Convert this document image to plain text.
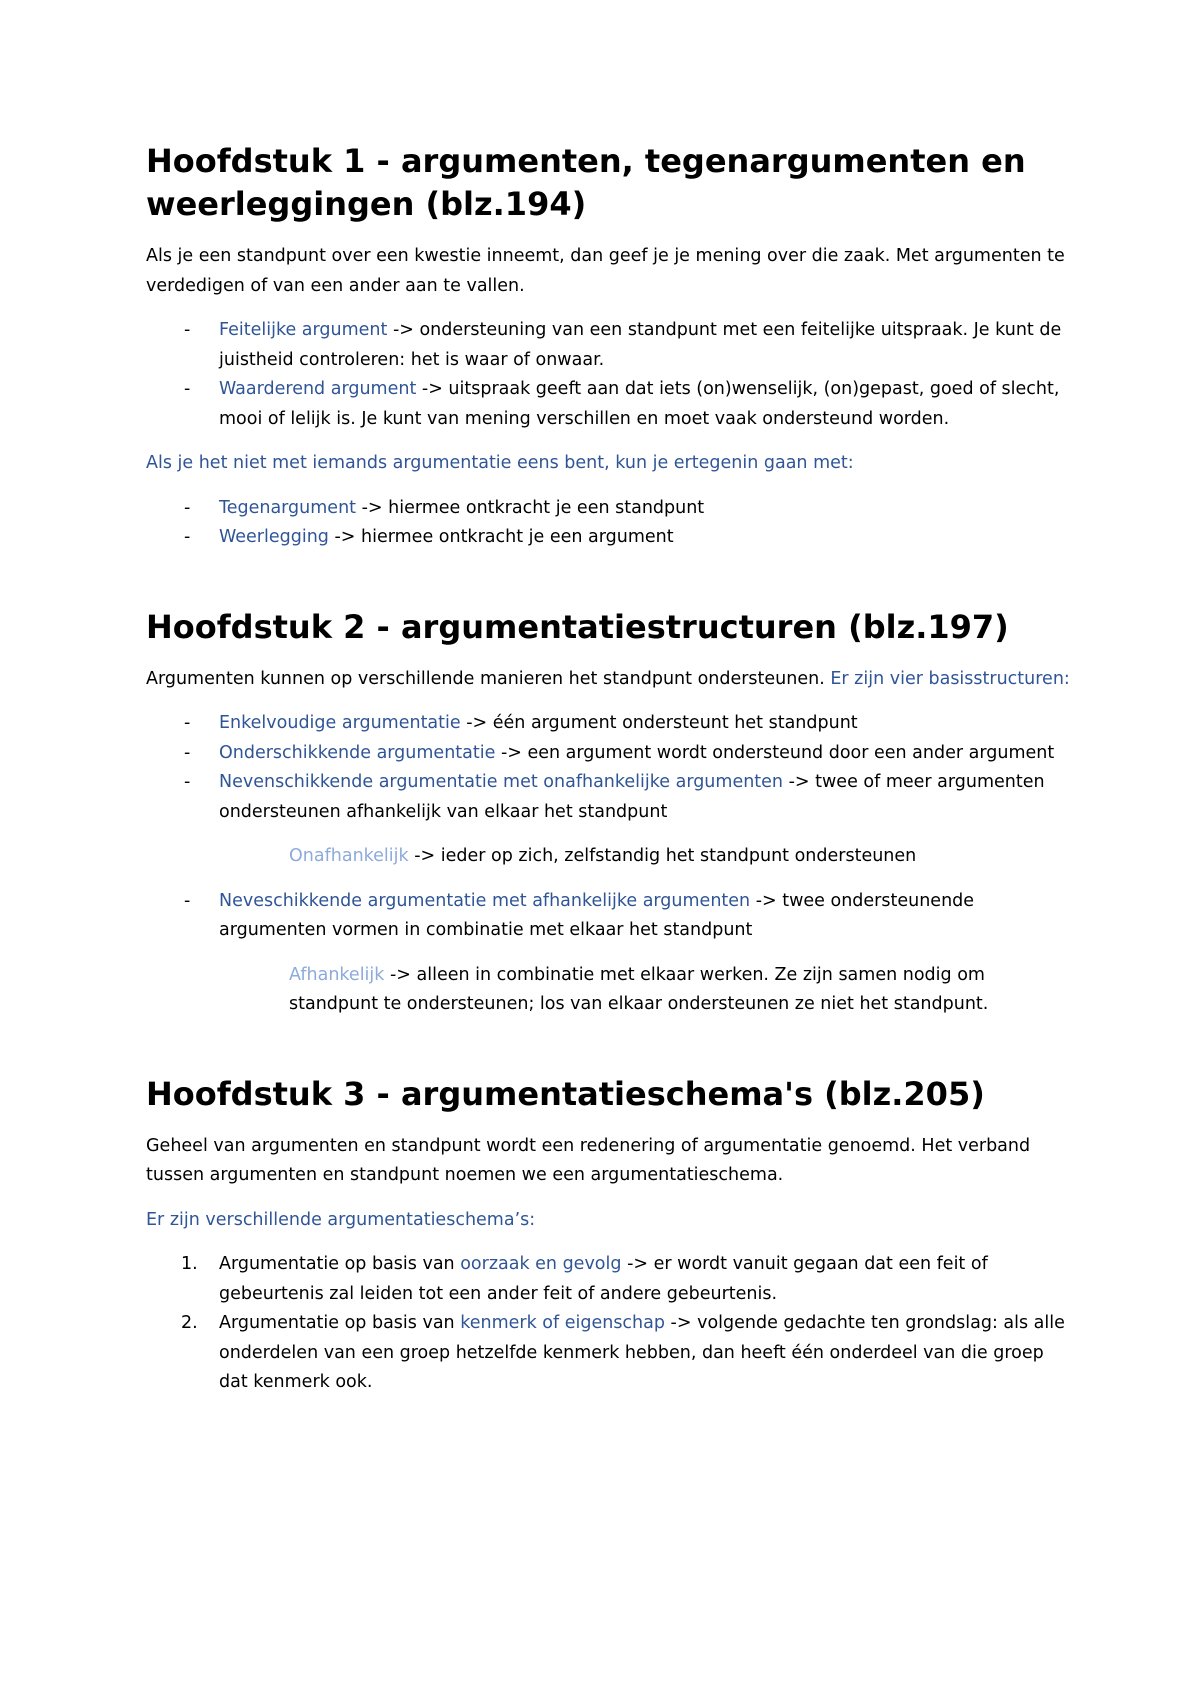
Hoofdstuk 1 - argumenten, tegenargumenten en weerleggingen (blz.194)

Als je een standpunt over een kwestie inneemt, dan geef je je mening over die zaak. Met argumenten te verdedigen of van een ander aan te vallen.

- Feitelijke argument -> ondersteuning van een standpunt met een feitelijke uitspraak. Je kunt de juistheid controleren: het is waar of onwaar.
- Waarderend argument -> uitspraak geeft aan dat iets (on)wenselijk, (on)gepast, goed of slecht, mooi of lelijk is. Je kunt van mening verschillen en moet vaak ondersteund worden.

Als je het niet met iemands argumentatie eens bent, kun je ertegenin gaan met:

- Tegenargument -> hiermee ontkracht je een standpunt
- Weerlegging -> hiermee ontkracht je een argument
Hoofdstuk 2 - argumentatiestructuren (blz.197)

Argumenten kunnen op verschillende manieren het standpunt ondersteunen. Er zijn vier basisstructuren:

- Enkelvoudige argumentatie -> één argument ondersteunt het standpunt
- Onderschikkende argumentatie -> een argument wordt ondersteund door een ander argument
- Nevenschikkende argumentatie met onafhankelijke argumenten -> twee of meer argumenten ondersteunen afhankelijk van elkaar het standpunt

Onafhankelijk -> ieder op zich, zelfstandig het standpunt ondersteunen

- Neveschikkende argumentatie met afhankelijke argumenten -> twee ondersteunende argumenten vormen in combinatie met elkaar het standpunt

Afhankelijk -> alleen in combinatie met elkaar werken. Ze zijn samen nodig om standpunt te ondersteunen; los van elkaar ondersteunen ze niet het standpunt.

Hoofdstuk 3 - argumentatieschema's (blz.205)

Geheel van argumenten en standpunt wordt een redenering of argumentatie genoemd. Het verband tussen argumenten en standpunt noemen we een argumentatieschema.

Er zijn verschillende argumentatieschema’s:

1. Argumentatie op basis van oorzaak en gevolg -> er wordt vanuit gegaan dat een feit of gebeurtenis zal leiden tot een ander feit of andere gebeurtenis.
2. Argumentatie op basis van kenmerk of eigenschap -> volgende gedachte ten grondslag: als alle onderdelen van een groep hetzelfde kenmerk hebben, dan heeft één onderdeel van die groep dat kenmerk ook.
